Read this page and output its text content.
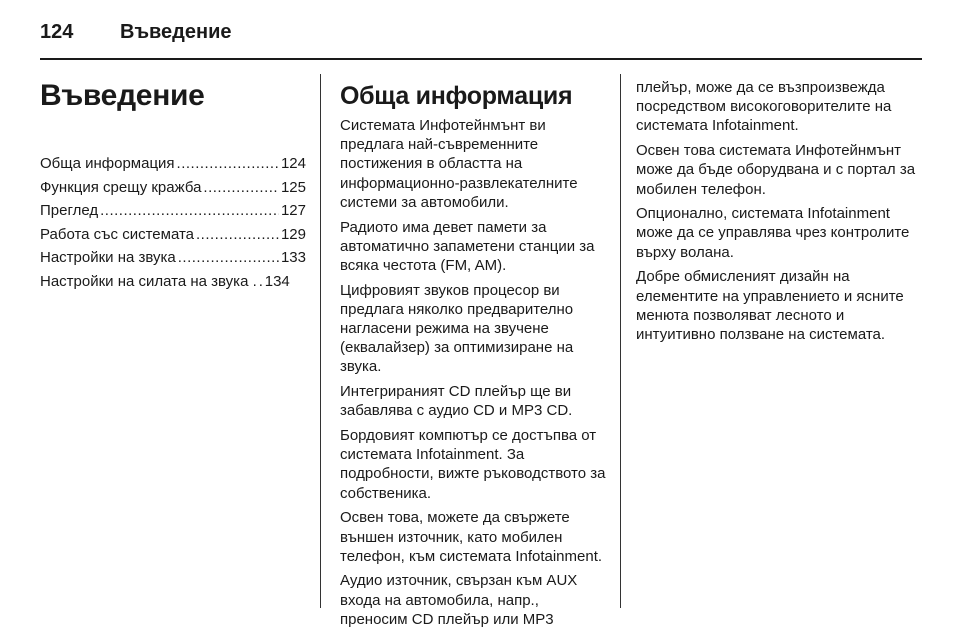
124	Въведение
Въведение
Обща информация .....	124
Функция срещу кражба .....	125
Преглед .....	127
Работа със системата .....	129
Настройки на звука .....	133
Настройки на силата на звука . ..... 134
Обща информация

Системата Инфотейнмънт ви предлага най-съвременните постижения в областта на информационно-развлекателните системи за автомобили.

Радиото има девет памети за автоматично запаметени станции за всяка честота (FM, AM).

Цифровият звуков процесор ви предлага няколко предварително нагласени режима на звучене (еквалайзер) за оптимизиране на звука.

Интегрираният CD плейър ще ви забавлява с аудио CD и MP3 CD.

Бордовият компютър се достъпва от системата Infotainment. За подробности, вижте ръководството за собственика.

Освен това, можете да свържете външен източник, като мобилен телефон, към системата Infotainment.

Аудио източник, свързан към AUX входа на автомобила, напр., преносим CD плейър или MP3

плейър, може да се възпроизвежда посредством високоговорителите на системата Infotainment.

Освен това системата Инфотейнмънт може да бъде оборудвана и с портал за мобилен телефон.

Опционално, системата Infotainment може да се управлява чрез контролите върху волана.

Добре обмисленият дизайн на елементите на управлението и ясните менюта позволяват лесното и интуитивно ползване на системата.
